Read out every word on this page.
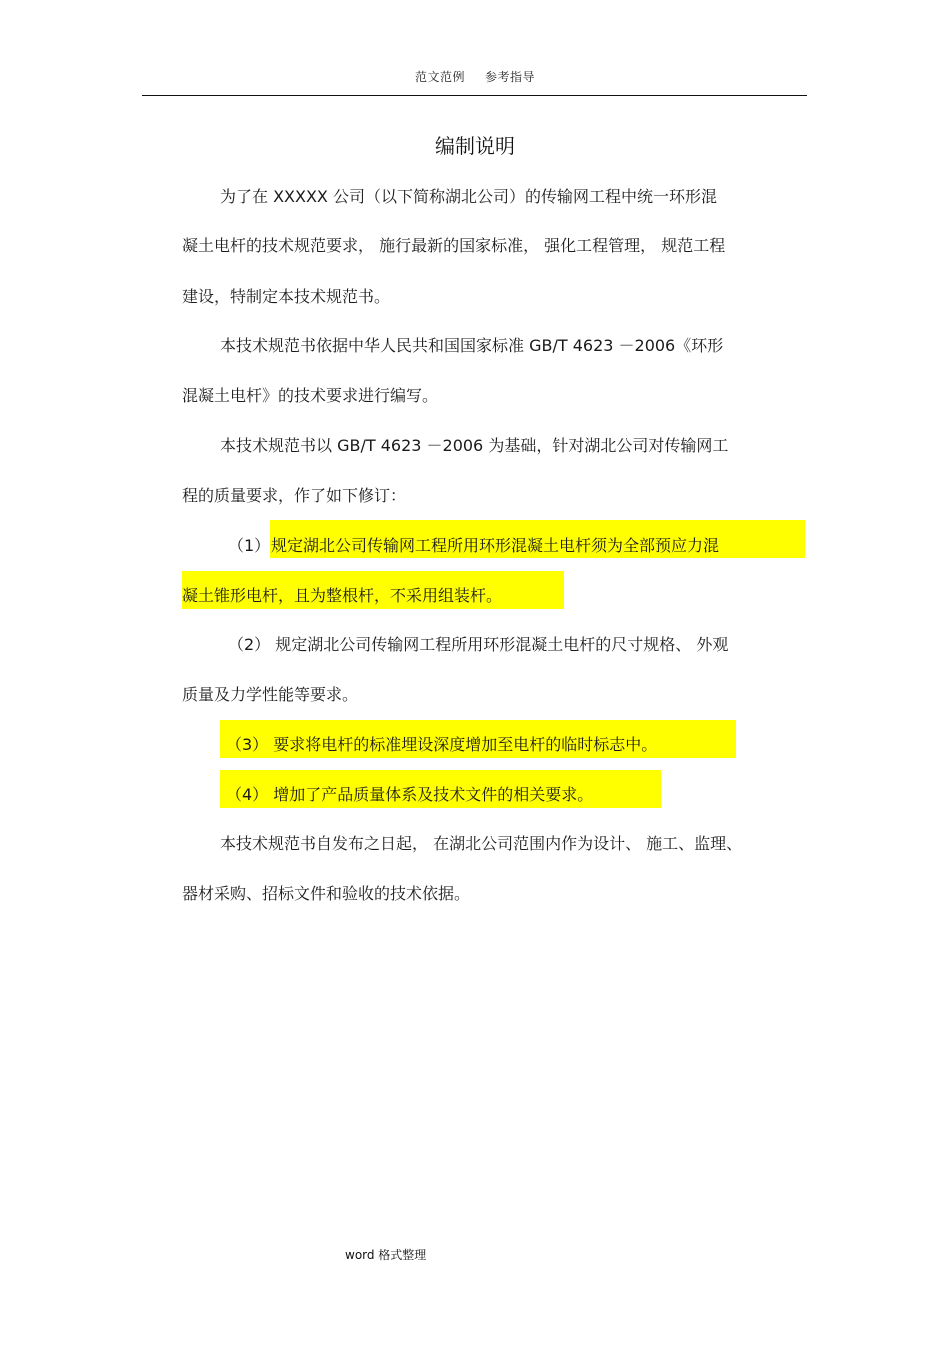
范文范例 参考指导
编制说明
为了在 XXXXX 公司（以下简称湖北公司）的传输网工程中统一环形混
凝土电杆的技术规范要求， 施行最新的国家标准， 强化工程管理， 规范工程
建设，特制定本技术规范书。
本技术规范书依据中华人民共和国国家标准 GB/T 4623 －2006《环形
混凝土电杆》的技术要求进行编写。
本技术规范书以 GB/T 4623 －2006 为基础，针对湖北公司对传输网工
程的质量要求，作了如下修订：
（1） 规定湖北公司传输网工程所用环形混凝土电杆须为全部预应力混
凝土锥形电杆，且为整根杆，不采用组装杆。
（2） 规定湖北公司传输网工程所用环形混凝土电杆的尺寸规格、 外观
质量及力学性能等要求。
（3） 要求将电杆的标准埋设深度增加至电杆的临时标志中。
（4） 增加了产品质量体系及技术文件的相关要求。
本技术规范书自发布之日起， 在湖北公司范围内作为设计、 施工、监理、
器材采购、招标文件和验收的技术依据。
word 格式整理
